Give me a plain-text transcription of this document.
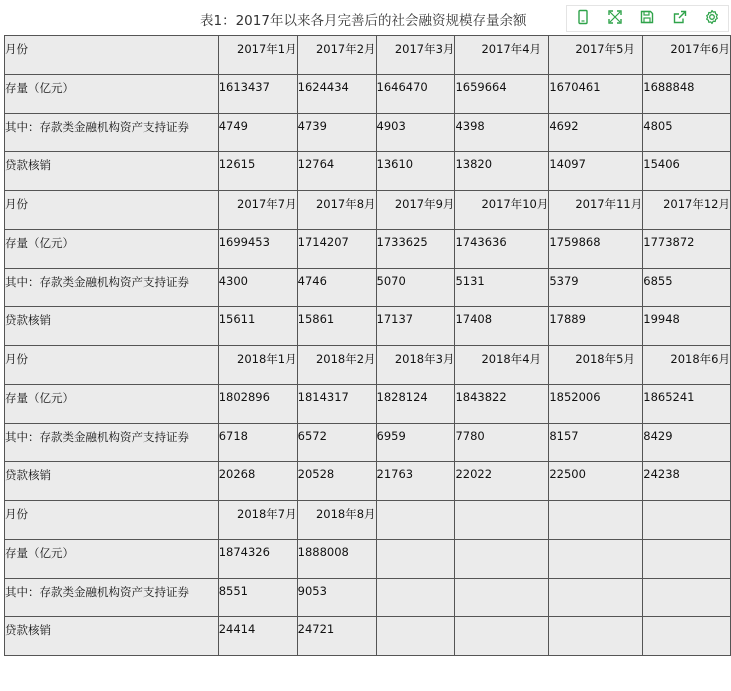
表1：2017年以来各月完善后的社会融资规模存量余额
月份	2017年1月	2017年2月	2017年3月	2017年4月	2017年5月	2017年6月
存量（亿元）	1613437	1624434	1646470	1659664	1670461	1688848
其中：存款类金融机构资产支持证券	4749	4739	4903	4398	4692	4805
贷款核销	12615	12764	13610	13820	14097	15406
月份	2017年7月	2017年8月	2017年9月	2017年10月	2017年11月	2017年12月
存量（亿元）	1699453	1714207	1733625	1743636	1759868	1773872
其中：存款类金融机构资产支持证券	4300	4746	5070	5131	5379	6855
贷款核销	15611	15861	17137	17408	17889	19948
月份	2018年1月	2018年2月	2018年3月	2018年4月	2018年5月	2018年6月
存量（亿元）	1802896	1814317	1828124	1843822	1852006	1865241
其中：存款类金融机构资产支持证券	6718	6572	6959	7780	8157	8429
贷款核销	20268	20528	21763	22022	22500	24238
月份	2018年7月	2018年8月				
存量（亿元）	1874326	1888008				
其中：存款类金融机构资产支持证券	8551	9053				
贷款核销	24414	24721				
